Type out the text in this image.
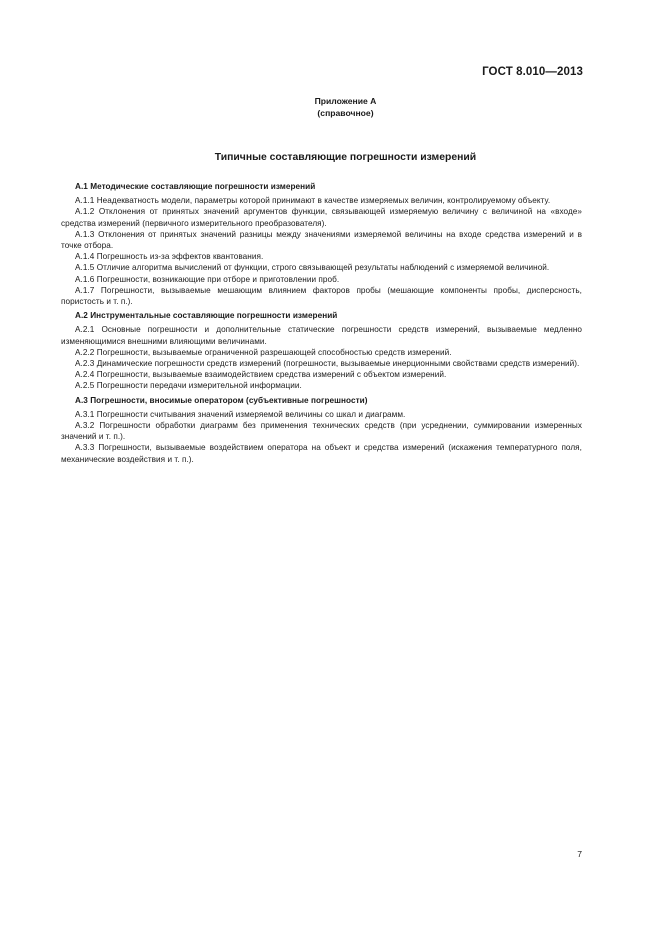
ГОСТ 8.010—2013
Приложение А
(справочное)
Типичные составляющие погрешности измерений

А.1 Методические составляющие погрешности измерений

А.1.1 Неадекватность модели, параметры которой принимают в качестве измеряемых величин, контролируемому объекту.

А.1.2 Отклонения от принятых значений аргументов функции, связывающей измеряемую величину с величиной на «входе» средства измерений (первичного измерительного преобразователя).

А.1.3 Отклонения от принятых значений разницы между значениями измеряемой величины на входе средства измерений и в точке отбора.

А.1.4 Погрешность из-за эффектов квантования.

А.1.5 Отличие алгоритма вычислений от функции, строго связывающей результаты наблюдений с измеряемой величиной.

А.1.6 Погрешности, возникающие при отборе и приготовлении проб.

А.1.7 Погрешности, вызываемые мешающим влиянием факторов пробы (мешающие компоненты пробы, дисперсность, пористость и т. п.).

А.2 Инструментальные составляющие погрешности измерений

А.2.1 Основные погрешности и дополнительные статические погрешности средств измерений, вызываемые медленно изменяющимися внешними влияющими величинами.

А.2.2 Погрешности, вызываемые ограниченной разрешающей способностью средств измерений.

А.2.3 Динамические погрешности средств измерений (погрешности, вызываемые инерционными свойствами средств измерений).

А.2.4 Погрешности, вызываемые взаимодействием средства измерений с объектом измерений.

А.2.5 Погрешности передачи измерительной информации.

А.3 Погрешности, вносимые оператором (субъективные погрешности)

А.3.1 Погрешности считывания значений измеряемой величины со шкал и диаграмм.

А.3.2 Погрешности обработки диаграмм без применения технических средств (при усреднении, суммировании измеренных значений и т. п.).

А.3.3 Погрешности, вызываемые воздействием оператора на объект и средства измерений (искажения температурного поля, механические воздействия и т. п.).

7
